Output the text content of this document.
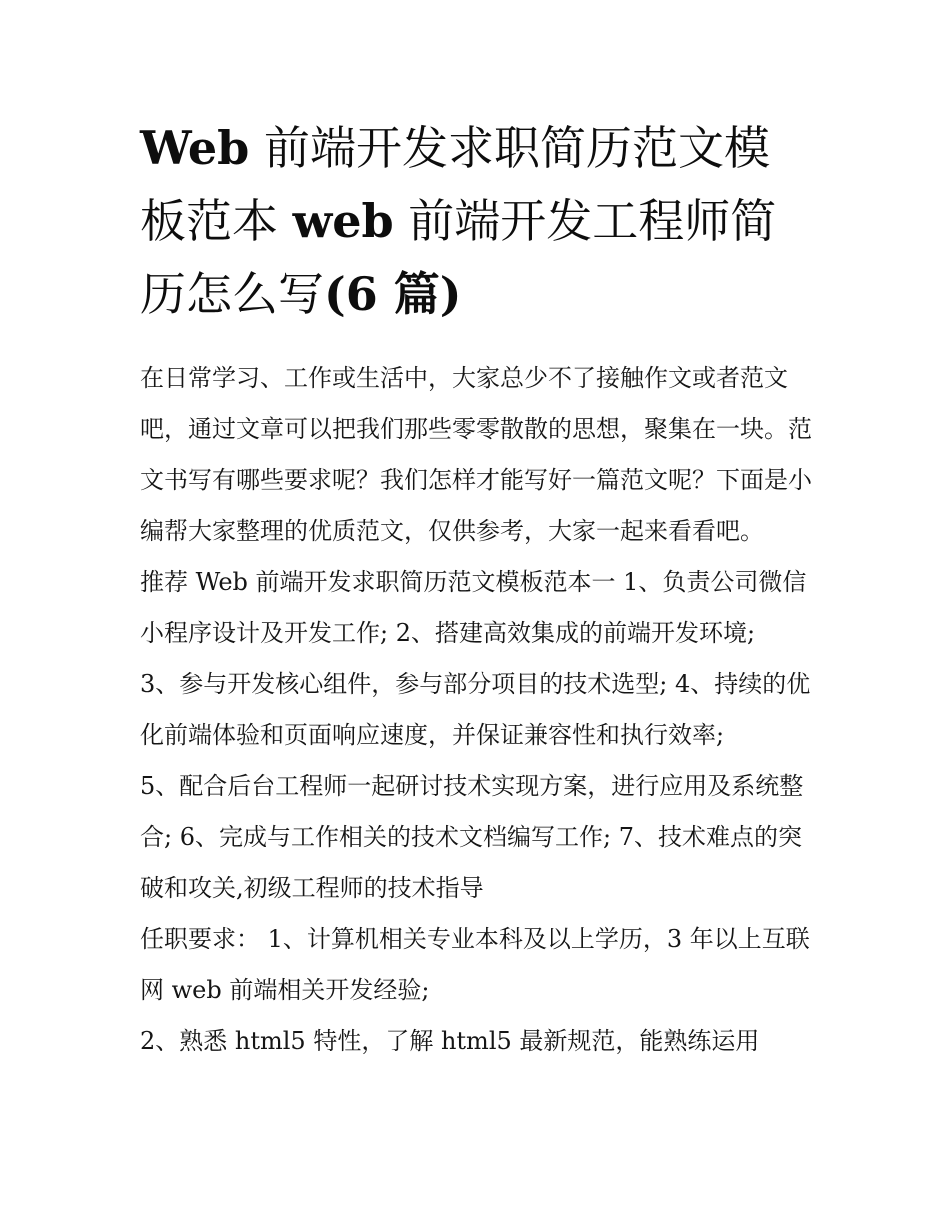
Web 前端开发求职简历范文模板范本 web 前端开发工程师简历怎么写(6 篇)

在日常学习、工作或生活中，大家总少不了接触作文或者范文吧，通过文章可以把我们那些零零散散的思想，聚集在一块。范文书写有哪些要求呢？我们怎样才能写好一篇范文呢？下面是小编帮大家整理的优质范文，仅供参考，大家一起来看看吧。

推荐 Web 前端开发求职简历范文模板范本一 1、负责公司微信小程序设计及开发工作; 2、搭建高效集成的前端开发环境;

3、参与开发核心组件，参与部分项目的技术选型; 4、持续的优化前端体验和页面响应速度，并保证兼容性和执行效率;

5、配合后台工程师一起研讨技术实现方案，进行应用及系统整合; 6、完成与工作相关的技术文档编写工作; 7、技术难点的突破和攻关,初级工程师的技术指导

任职要求： 1、计算机相关专业本科及以上学历，3 年以上互联网 web 前端相关开发经验;

2、熟悉 html5 特性，了解 html5 最新规范，能熟练运用
